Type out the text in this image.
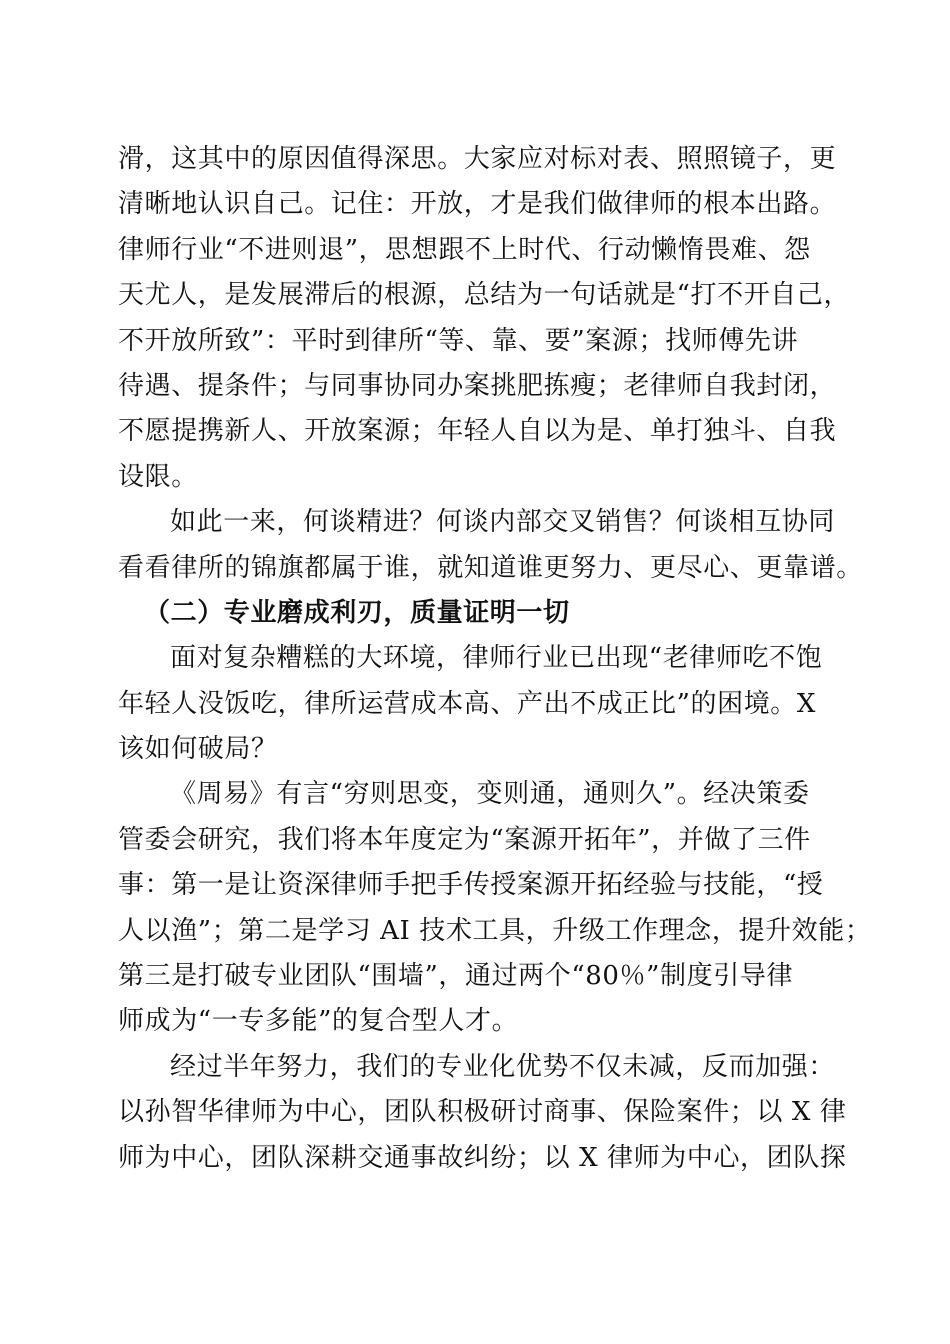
滑，这其中的原因值得深思。大家应对标对表、照照镜子，更
清晰地认识自己。记住：开放，才是我们做律师的根本出路。
律师行业“不进则退”，思想跟不上时代、行动懒惰畏难、怨
天尤人，是发展滞后的根源，总结为一句话就是“打不开自己，
不开放所致”：平时到律所“等、靠、要”案源；找师傅先讲
待遇、提条件；与同事协同办案挑肥拣瘦；老律师自我封闭，
不愿提携新人、开放案源；年轻人自以为是、单打独斗、自我
设限。
如此一来，何谈精进？何谈内部交叉销售？何谈相互协同
看看律所的锦旗都属于谁，就知道谁更努力、更尽心、更靠谱。
（二）专业磨成利刃，质量证明一切
面对复杂糟糕的大环境，律师行业已出现“老律师吃不饱
年轻人没饭吃，律所运营成本高、产出不成正比”的困境。X
该如何破局？
《周易》有言“穷则思变，变则通，通则久”。经决策委
管委会研究，我们将本年度定为“案源开拓年”，并做了三件
事：第一是让资深律师手把手传授案源开拓经验与技能，“授
人以渔”；第二是学习 AI 技术工具，升级工作理念，提升效能；
第三是打破专业团队“围墙”，通过两个“80％”制度引导律
师成为“一专多能”的复合型人才。
经过半年努力，我们的专业化优势不仅未减，反而加强：
以孙智华律师为中心，团队积极研讨商事、保险案件；以 X 律
师为中心，团队深耕交通事故纠纷；以 X 律师为中心，团队探
